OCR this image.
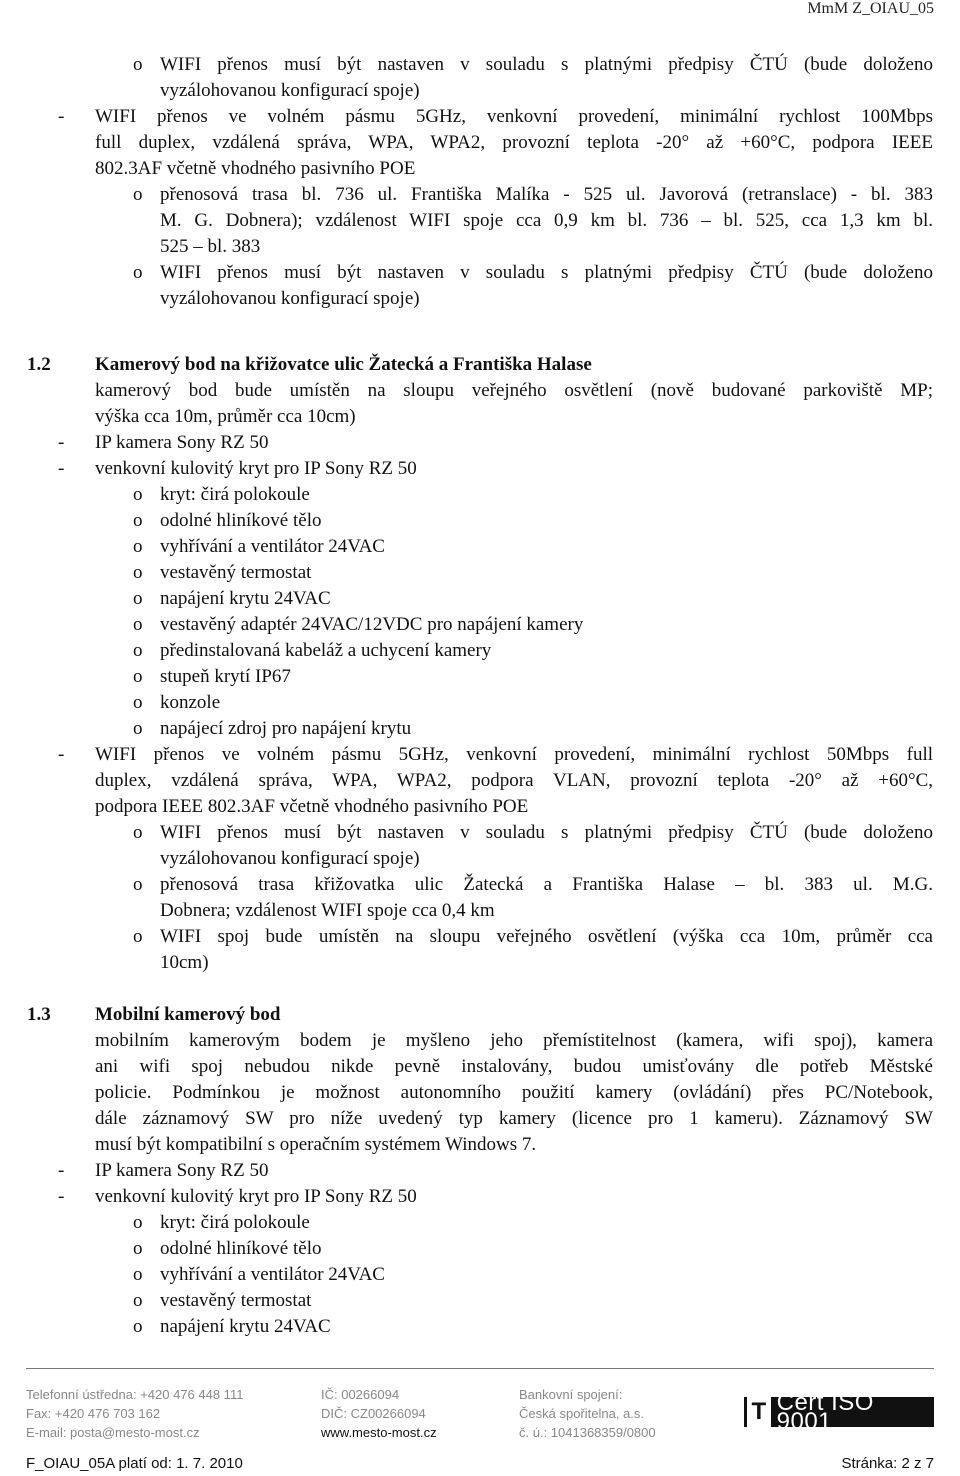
MmM Z_OIAU_05
o WIFI přenos musí být nastaven v souladu s platnými předpisy ČTÚ (bude doloženo
vyzálohovanou konfigurací spoje)
- WIFI přenos ve volném pásmu 5GHz, venkovní provedení, minimální rychlost 100Mbps
full duplex, vzdálená správa, WPA, WPA2, provozní teplota -20° až +60°C, podpora IEEE
802.3AF včetně vhodného pasivního POE
o přenosová trasa bl. 736 ul. Františka Malíka - 525 ul. Javorová (retranslace) - bl. 383
M. G. Dobnera); vzdálenost WIFI spoje cca 0,9 km bl. 736 – bl. 525, cca 1,3 km bl.
525 – bl. 383
o WIFI přenos musí být nastaven v souladu s platnými předpisy ČTÚ (bude doloženo
vyzálohovanou konfigurací spoje)
1.2 Kamerový bod na křižovatce ulic Žatecká a Františka Halase
kamerový bod bude umístěn na sloupu veřejného osvětlení (nově budované parkoviště MP;
výška cca 10m, průměr cca 10cm)
- IP kamera Sony RZ 50
- venkovní kulovitý kryt pro IP Sony RZ 50
o kryt: čirá polokoule
o odolné hliníkové tělo
o vyhřívání a ventilátor 24VAC
o vestavěný termostat
o napájení krytu 24VAC
o vestavěný adaptér 24VAC/12VDC pro napájení kamery
o předinstalovaná kabeláž a uchycení kamery
o stupeň krytí IP67
o konzole
o napájecí zdroj pro napájení krytu
- WIFI přenos ve volném pásmu 5GHz, venkovní provedení, minimální rychlost 50Mbps full
duplex, vzdálená správa, WPA, WPA2, podpora VLAN, provozní teplota -20° až +60°C,
podpora IEEE 802.3AF včetně vhodného pasivního POE
o WIFI přenos musí být nastaven v souladu s platnými předpisy ČTÚ (bude doloženo
vyzálohovanou konfigurací spoje)
o přenosová trasa křižovatka ulic Žatecká a Františka Halase – bl. 383 ul. M.G.
Dobnera; vzdálenost WIFI spoje cca 0,4 km
o WIFI spoj bude umístěn na sloupu veřejného osvětlení (výška cca 10m, průměr cca
10cm)
1.3 Mobilní kamerový bod
mobilním kamerovým bodem je myšleno jeho přemístitelnost (kamera, wifi spoj), kamera
ani wifi spoj nebudou nikde pevně instalovány, budou umisťovány dle potřeb Městské
policie. Podmínkou je možnost autonomního použití kamery (ovládání) přes PC/Notebook,
dále záznamový SW pro níže uvedený typ kamery (licence pro 1 kameru). Záznamový SW
musí být kompatibilní s operačním systémem Windows 7.
- IP kamera Sony RZ 50
- venkovní kulovitý kryt pro IP Sony RZ 50
o kryt: čirá polokoule
o odolné hliníkové tělo
o vyhřívání a ventilátor 24VAC
o vestavěný termostat
o napájení krytu 24VAC
Telefonní ústředna: +420 476 448 111
Fax: +420 476 703 162
E-mail: posta@mesto-most.cz
IČ: 00266094
DIČ: CZ00266094
www.mesto-most.cz
Bankovní spojení:
Česká spořitelna, a.s.
č. ú.: 1041368359/0800
T Cert ISO 9001
F_OIAU_05A platí od: 1. 7. 2010	Stránka: 2 z 7
